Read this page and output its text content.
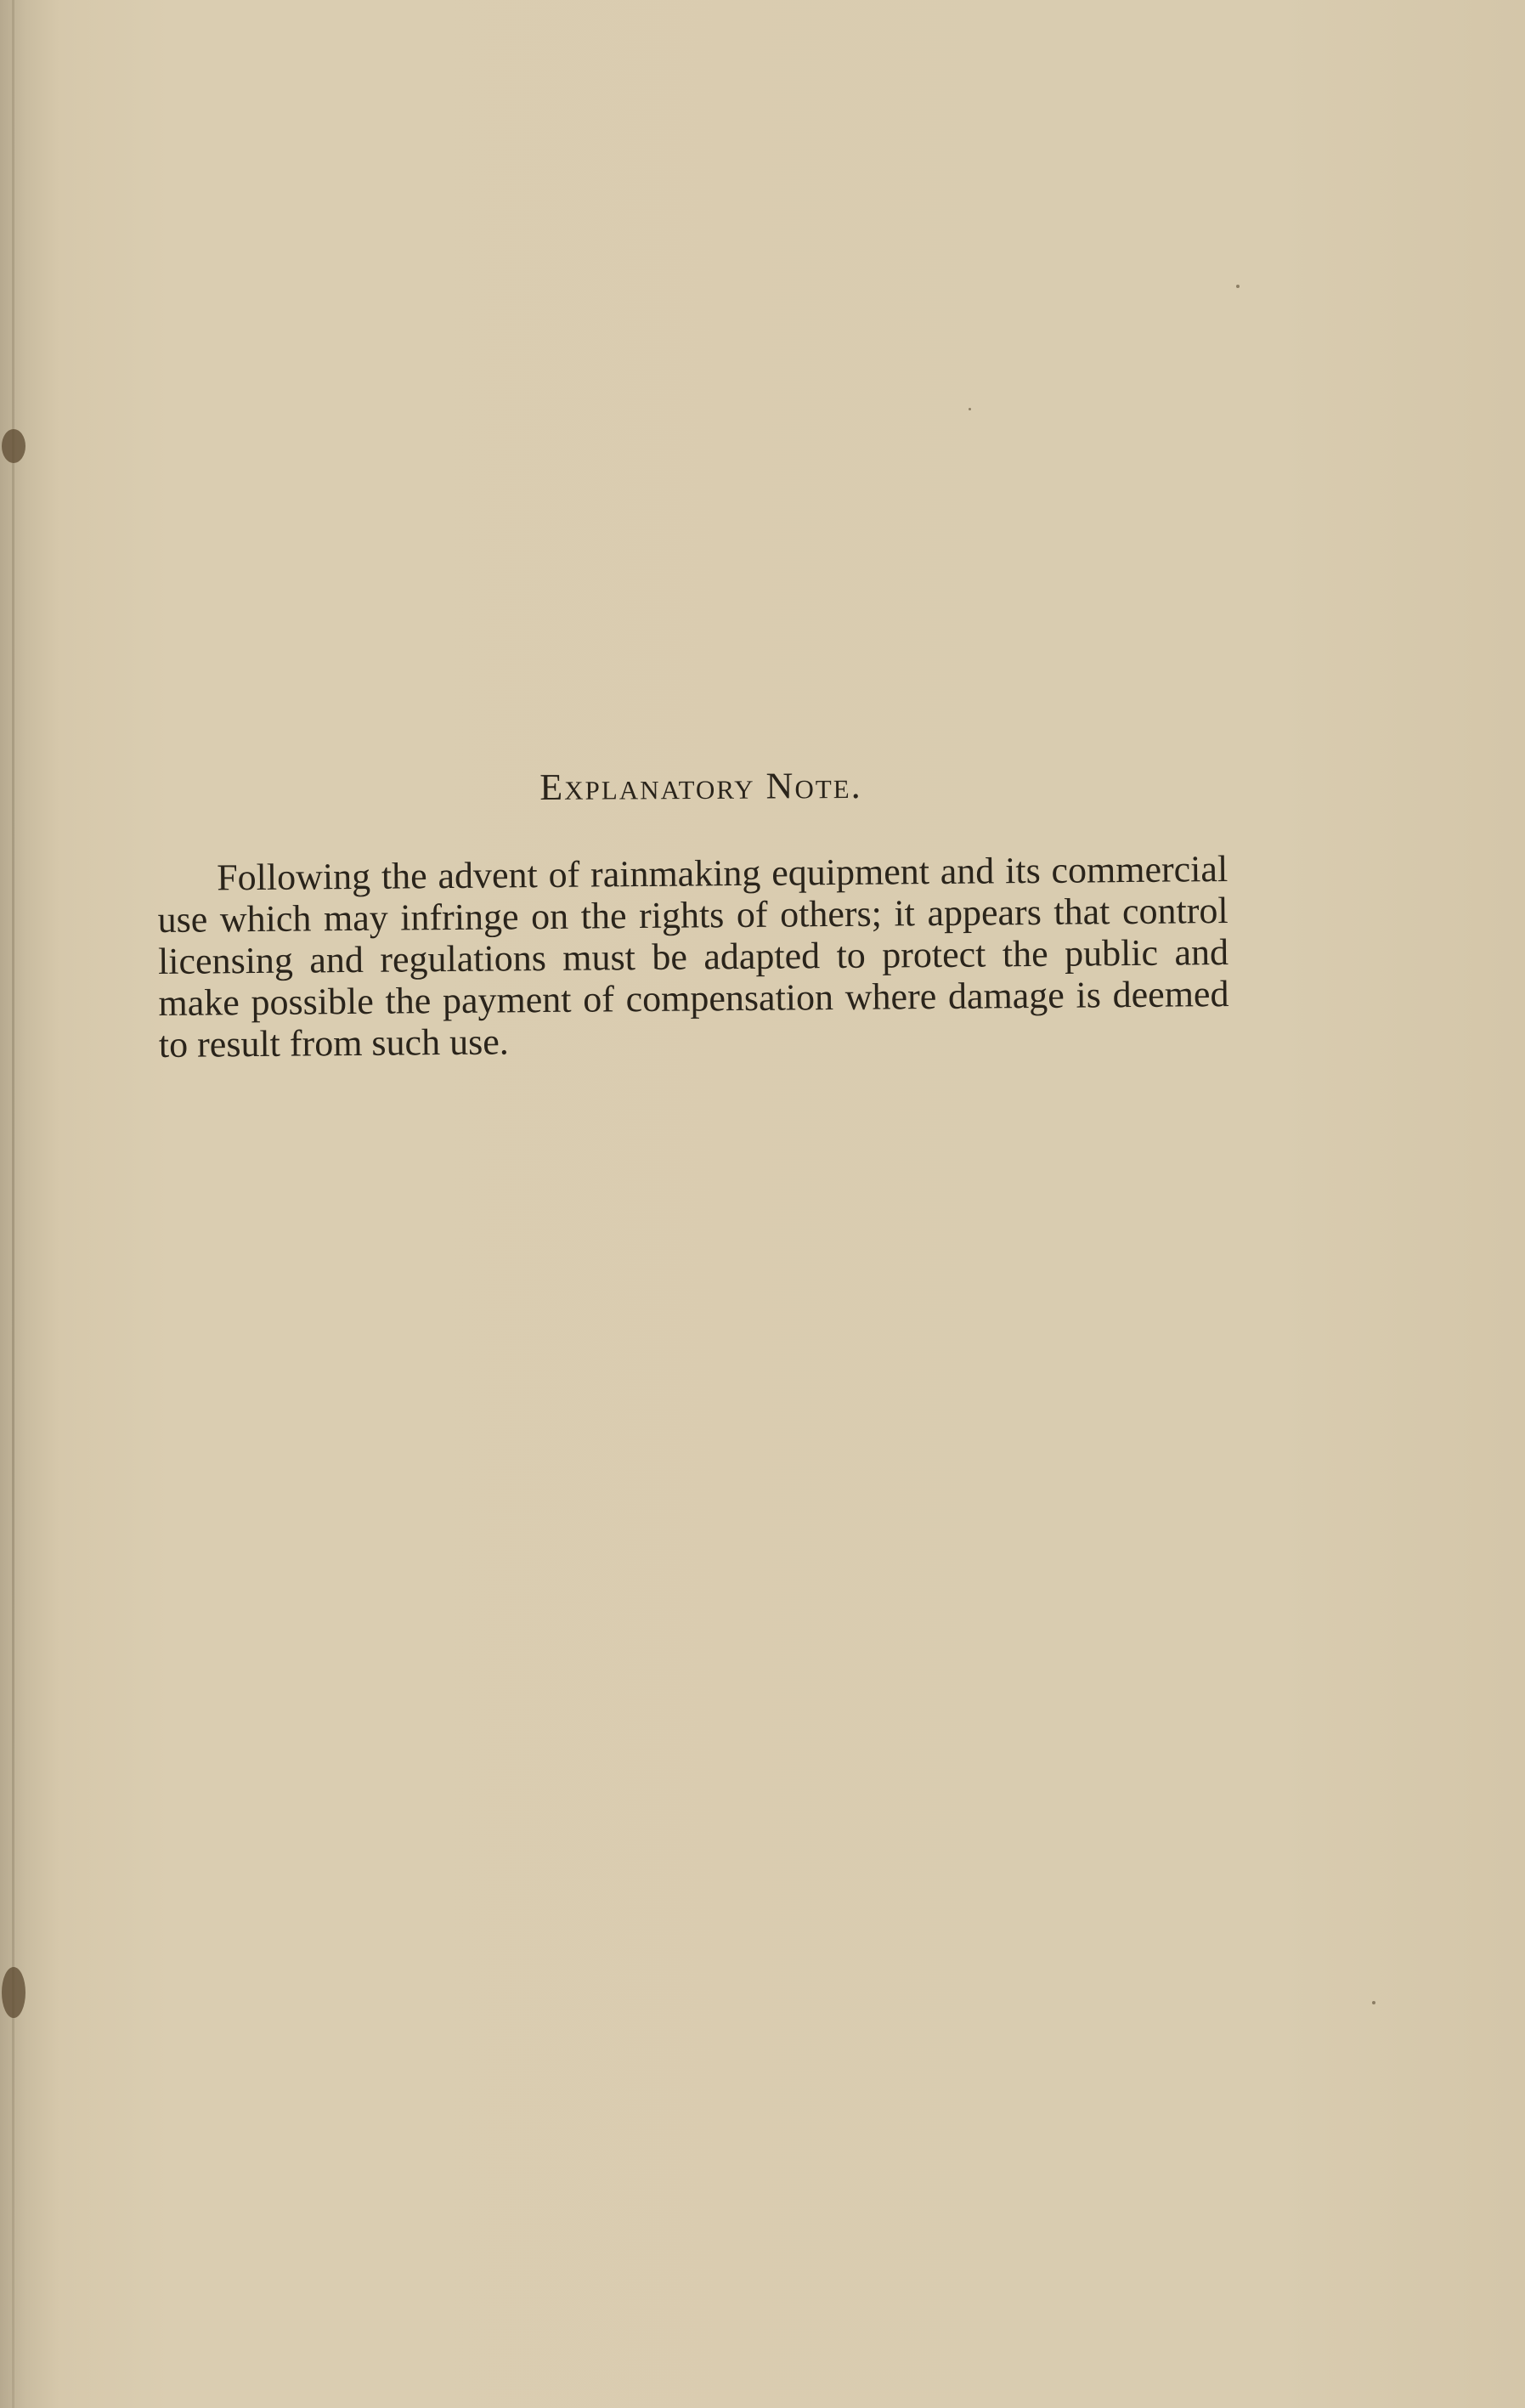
Explanatory Note.

Following the advent of rainmaking equipment and its commercial use which may infringe on the rights of others; it appears that control licensing and regulations must be adapted to protect the public and make possible the payment of compensation where damage is deemed to result from such use.
